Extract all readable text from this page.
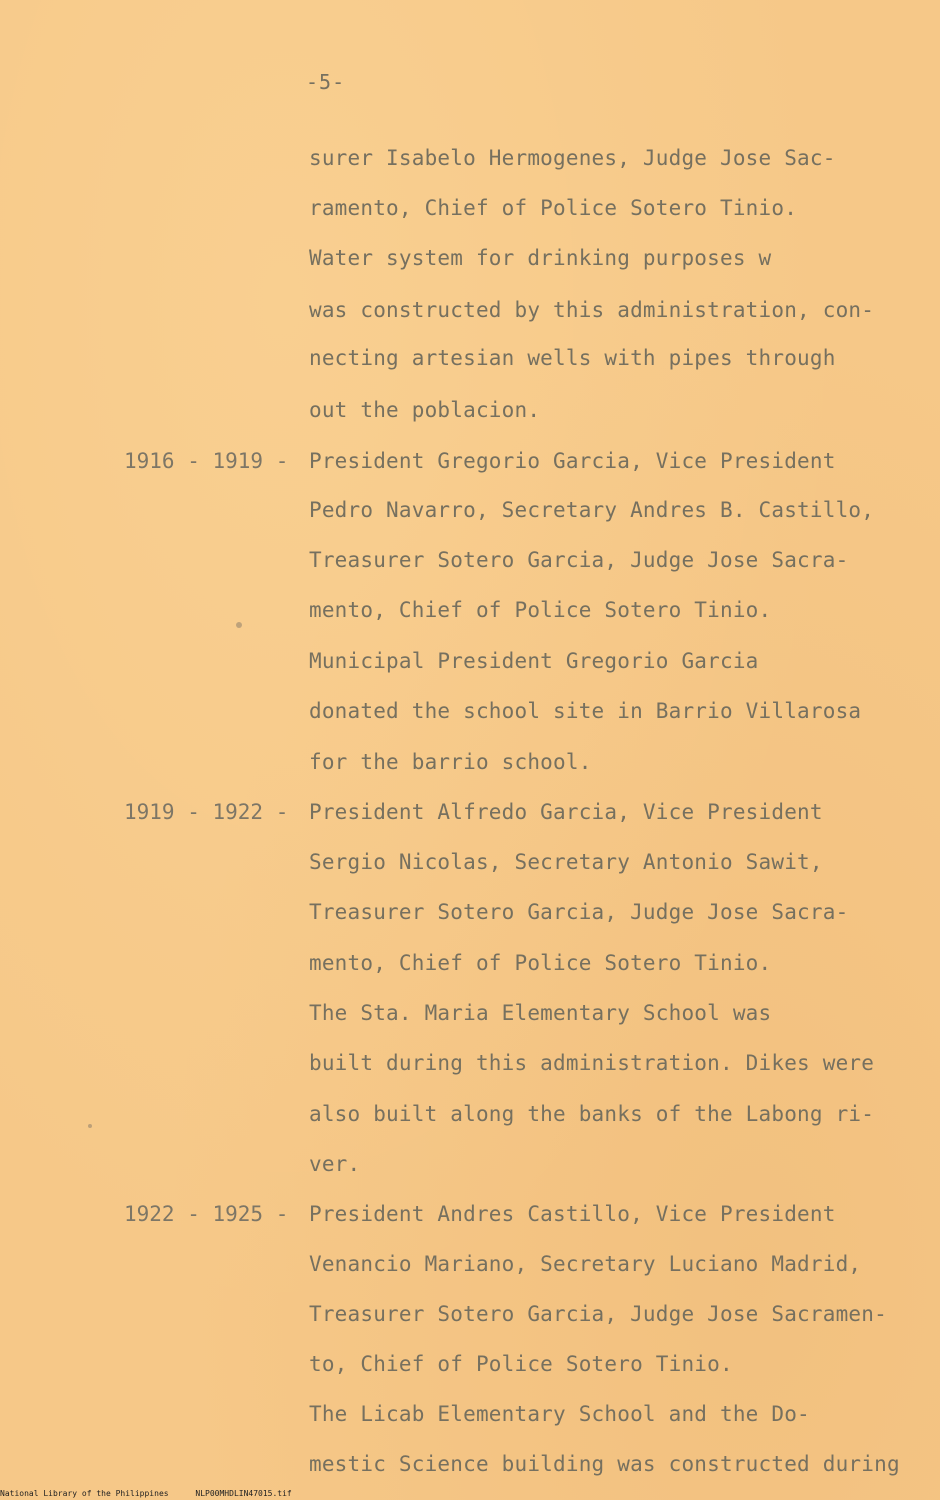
-5-
surer Isabelo Hermogenes, Judge Jose Sac-
ramento, Chief of Police Sotero Tinio.
Water system for drinking purposes w
was constructed by this administration, con-
necting artesian wells with pipes through
out the poblacion.
1916 - 1919 - President Gregorio Garcia, Vice President
Pedro Navarro, Secretary Andres B. Castillo,
Treasurer Sotero Garcia, Judge Jose Sacra-
mento, Chief of Police Sotero Tinio.
Municipal President Gregorio Garcia
donated the school site in Barrio Villarosa
for the barrio school.
1919 - 1922 - President Alfredo Garcia, Vice President
Sergio Nicolas, Secretary Antonio Sawit,
Treasurer Sotero Garcia, Judge Jose Sacra-
mento, Chief of Police Sotero Tinio.
The Sta. Maria Elementary School was
built during this administration. Dikes were
also built along the banks of the Labong ri-
ver.
1922 - 1925 - President Andres Castillo, Vice President
Venancio Mariano, Secretary Luciano Madrid,
Treasurer Sotero Garcia, Judge Jose Sacramen-
to, Chief of Police Sotero Tinio.
The Licab Elementary School and the Do-
mestic Science building was constructed during
National Library of the Philippines	NLP00MHDLIN47015.tif
